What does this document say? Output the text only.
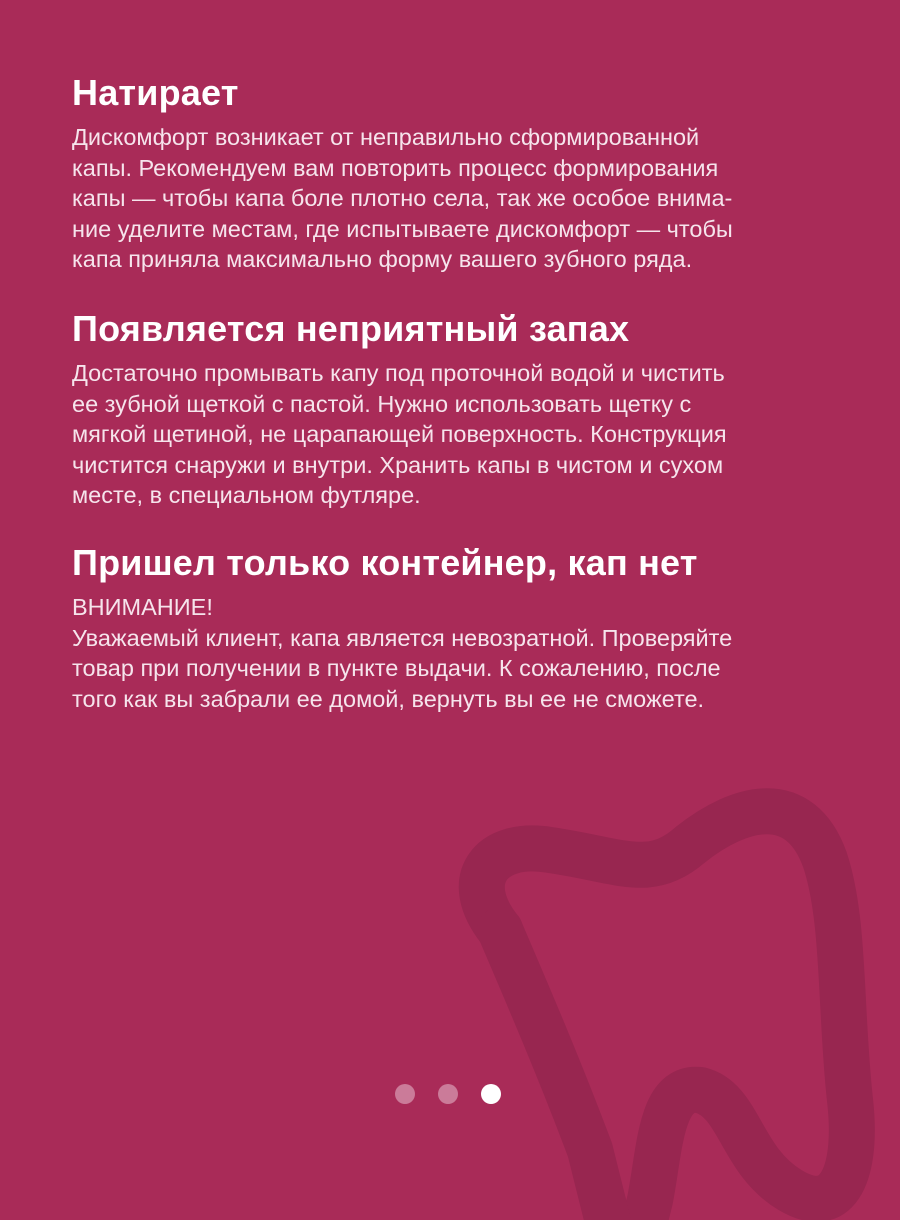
Натирает

Дискомфорт возникает от неправильно сформированной
капы. Рекомендуем вам повторить процесс формирования
капы — чтобы капа боле плотно села, так же особое внима-
ние уделите местам, где испытываете дискомфорт — чтобы
капа приняла максимально форму вашего зубного ряда.

Появляется неприятный запах

Достаточно промывать капу под проточной водой и чистить
ее зубной щеткой с пастой. Нужно использовать щетку с
мягкой щетиной, не царапающей поверхность. Конструкция
чистится снаружи и внутри. Хранить капы в чистом и сухом
месте, в специальном футляре.

Пришел только контейнер, кап нет

ВНИМАНИЕ!
Уважаемый клиент, капа является невозратной. Проверяйте
товар при получении в пункте выдачи. К сожалению, после
того как вы забрали ее домой, вернуть вы ее не сможете.
